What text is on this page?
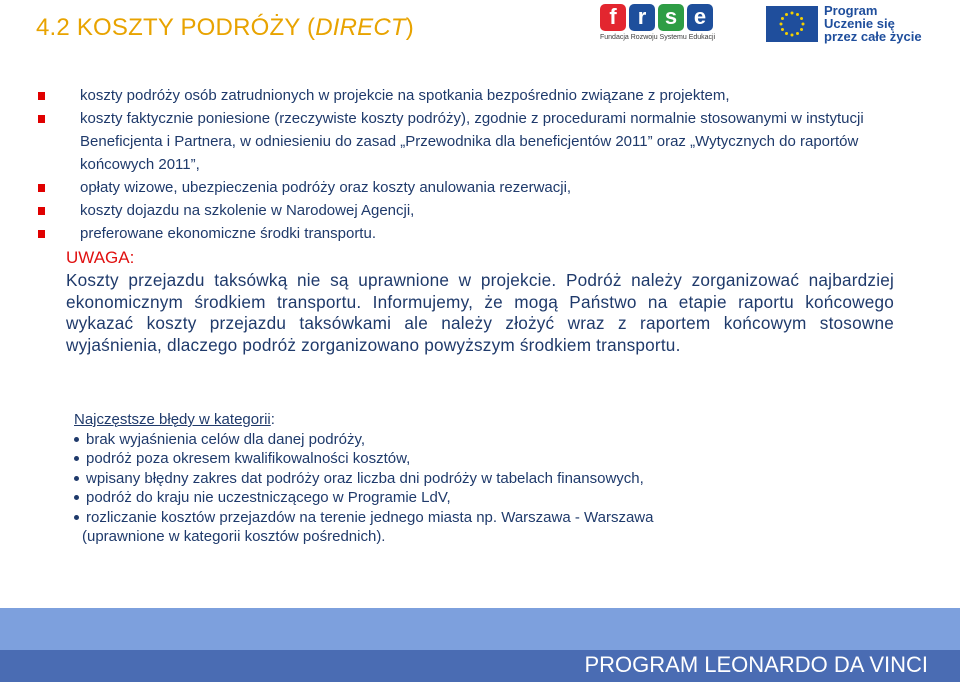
4.2 KOSZTY PODRÓŻY (DIRECT)	f r s e
Fundacja Rozwoju Systemu Edukacji
Program
Uczenie się
przez całe życie
koszty podróży osób zatrudnionych w projekcie na spotkania bezpośrednio związane z projektem,
koszty faktycznie poniesione (rzeczywiste koszty podróży), zgodnie z procedurami normalnie stosowanymi w instytucji Beneficjenta i Partnera, w odniesieniu do zasad „Przewodnika dla beneficjentów 2011” oraz „Wytycznych do raportów końcowych 2011”,
opłaty wizowe, ubezpieczenia podróży oraz koszty anulowania rezerwacji,
koszty dojazdu na szkolenie w Narodowej Agencji,
preferowane ekonomiczne środki transportu.
UWAGA:
Koszty przejazdu taksówką nie są uprawnione w projekcie. Podróż należy zorganizować najbardziej ekonomicznym środkiem transportu. Informujemy, że mogą Państwo na etapie raportu końcowego wykazać koszty przejazdu taksówkami ale należy złożyć wraz z raportem końcowym stosowne wyjaśnienia, dlaczego podróż zorganizowano powyższym środkiem transportu.
Najczęstsze błędy w kategorii:
brak wyjaśnienia celów dla danej podróży,
podróż poza okresem kwalifikowalności kosztów,
wpisany błędny zakres dat podróży oraz liczba dni podróży w tabelach finansowych,
podróż do kraju nie uczestniczącego w Programie LdV,
rozliczanie kosztów przejazdów na terenie jednego miasta np. Warszawa - Warszawa
(uprawnione w kategorii kosztów pośrednich).
PROGRAM LEONARDO DA VINCI
